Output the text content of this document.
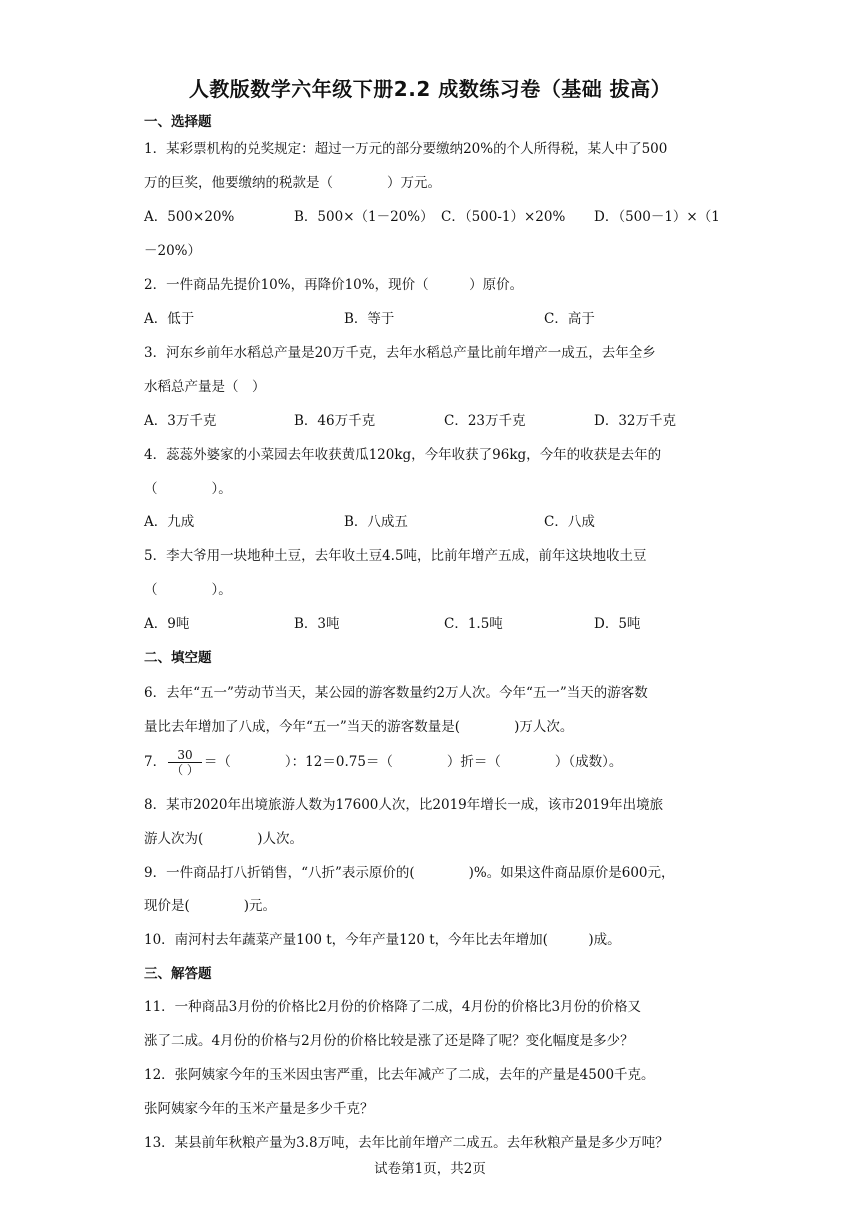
人教版数学六年级下册2.2 成数练习卷（基础 拔高）
一、选择题
1．某彩票机构的兑奖规定：超过一万元的部分要缴纳20%的个人所得税，某人中了500
万的巨奖，他要缴纳的税款是（　　　　）万元。
A．500×20%	B．500×（1－20%） C．（500-1）×20% D．（500－1）×（1
－20%）
2．一件商品先提价10%，再降价10%，现价（　　　）原价。
A．低于	B．等于	C．高于
3．河东乡前年水稻总产量是20万千克，去年水稻总产量比前年增产一成五，去年全乡
水稻总产量是（　）
A．3万千克	B．46万千克	C．23万千克	D．32万千克
4．蕊蕊外婆家的小菜园去年收获黄瓜120kg，今年收获了96kg，今年的收获是去年的
（　　　　）。
A．九成	B．八成五	C．八成
5．李大爷用一块地种土豆，去年收土豆4.5吨，比前年增产五成，前年这块地收土豆
（　　　　）。
A．9吨	B．3吨	C．1.5吨	D．5吨
二、填空题
6．去年“五一”劳动节当天，某公园的游客数量约2万人次。今年“五一”当天的游客数
量比去年增加了八成，今年“五一”当天的游客数量是(　　　　)万人次。
7． $\frac{30}{( )}$ ＝（　　　　）：12＝0.75＝（　　　　）折＝（　　　　）（成数）。
8．某市2020年出境旅游人数为17600人次，比2019年增长一成，该市2019年出境旅
游人次为(　　　　)人次。
9．一件商品打八折销售，“八折”表示原价的(　　　　)%。如果这件商品原价是600元，
现价是(　　　　)元。
10．南河村去年蔬菜产量100 t，今年产量120 t，今年比去年增加(　　　)成。
三、解答题
11．一种商品3月份的价格比2月份的价格降了二成，4月份的价格比3月份的价格又
涨了二成。4月份的价格与2月份的价格比较是涨了还是降了呢？变化幅度是多少？
12．张阿姨家今年的玉米因虫害严重，比去年减产了二成，去年的产量是4500千克。
张阿姨家今年的玉米产量是多少千克？
13．某县前年秋粮产量为3.8万吨，去年比前年增产二成五。去年秋粮产量是多少万吨？
试卷第1页，共2页
